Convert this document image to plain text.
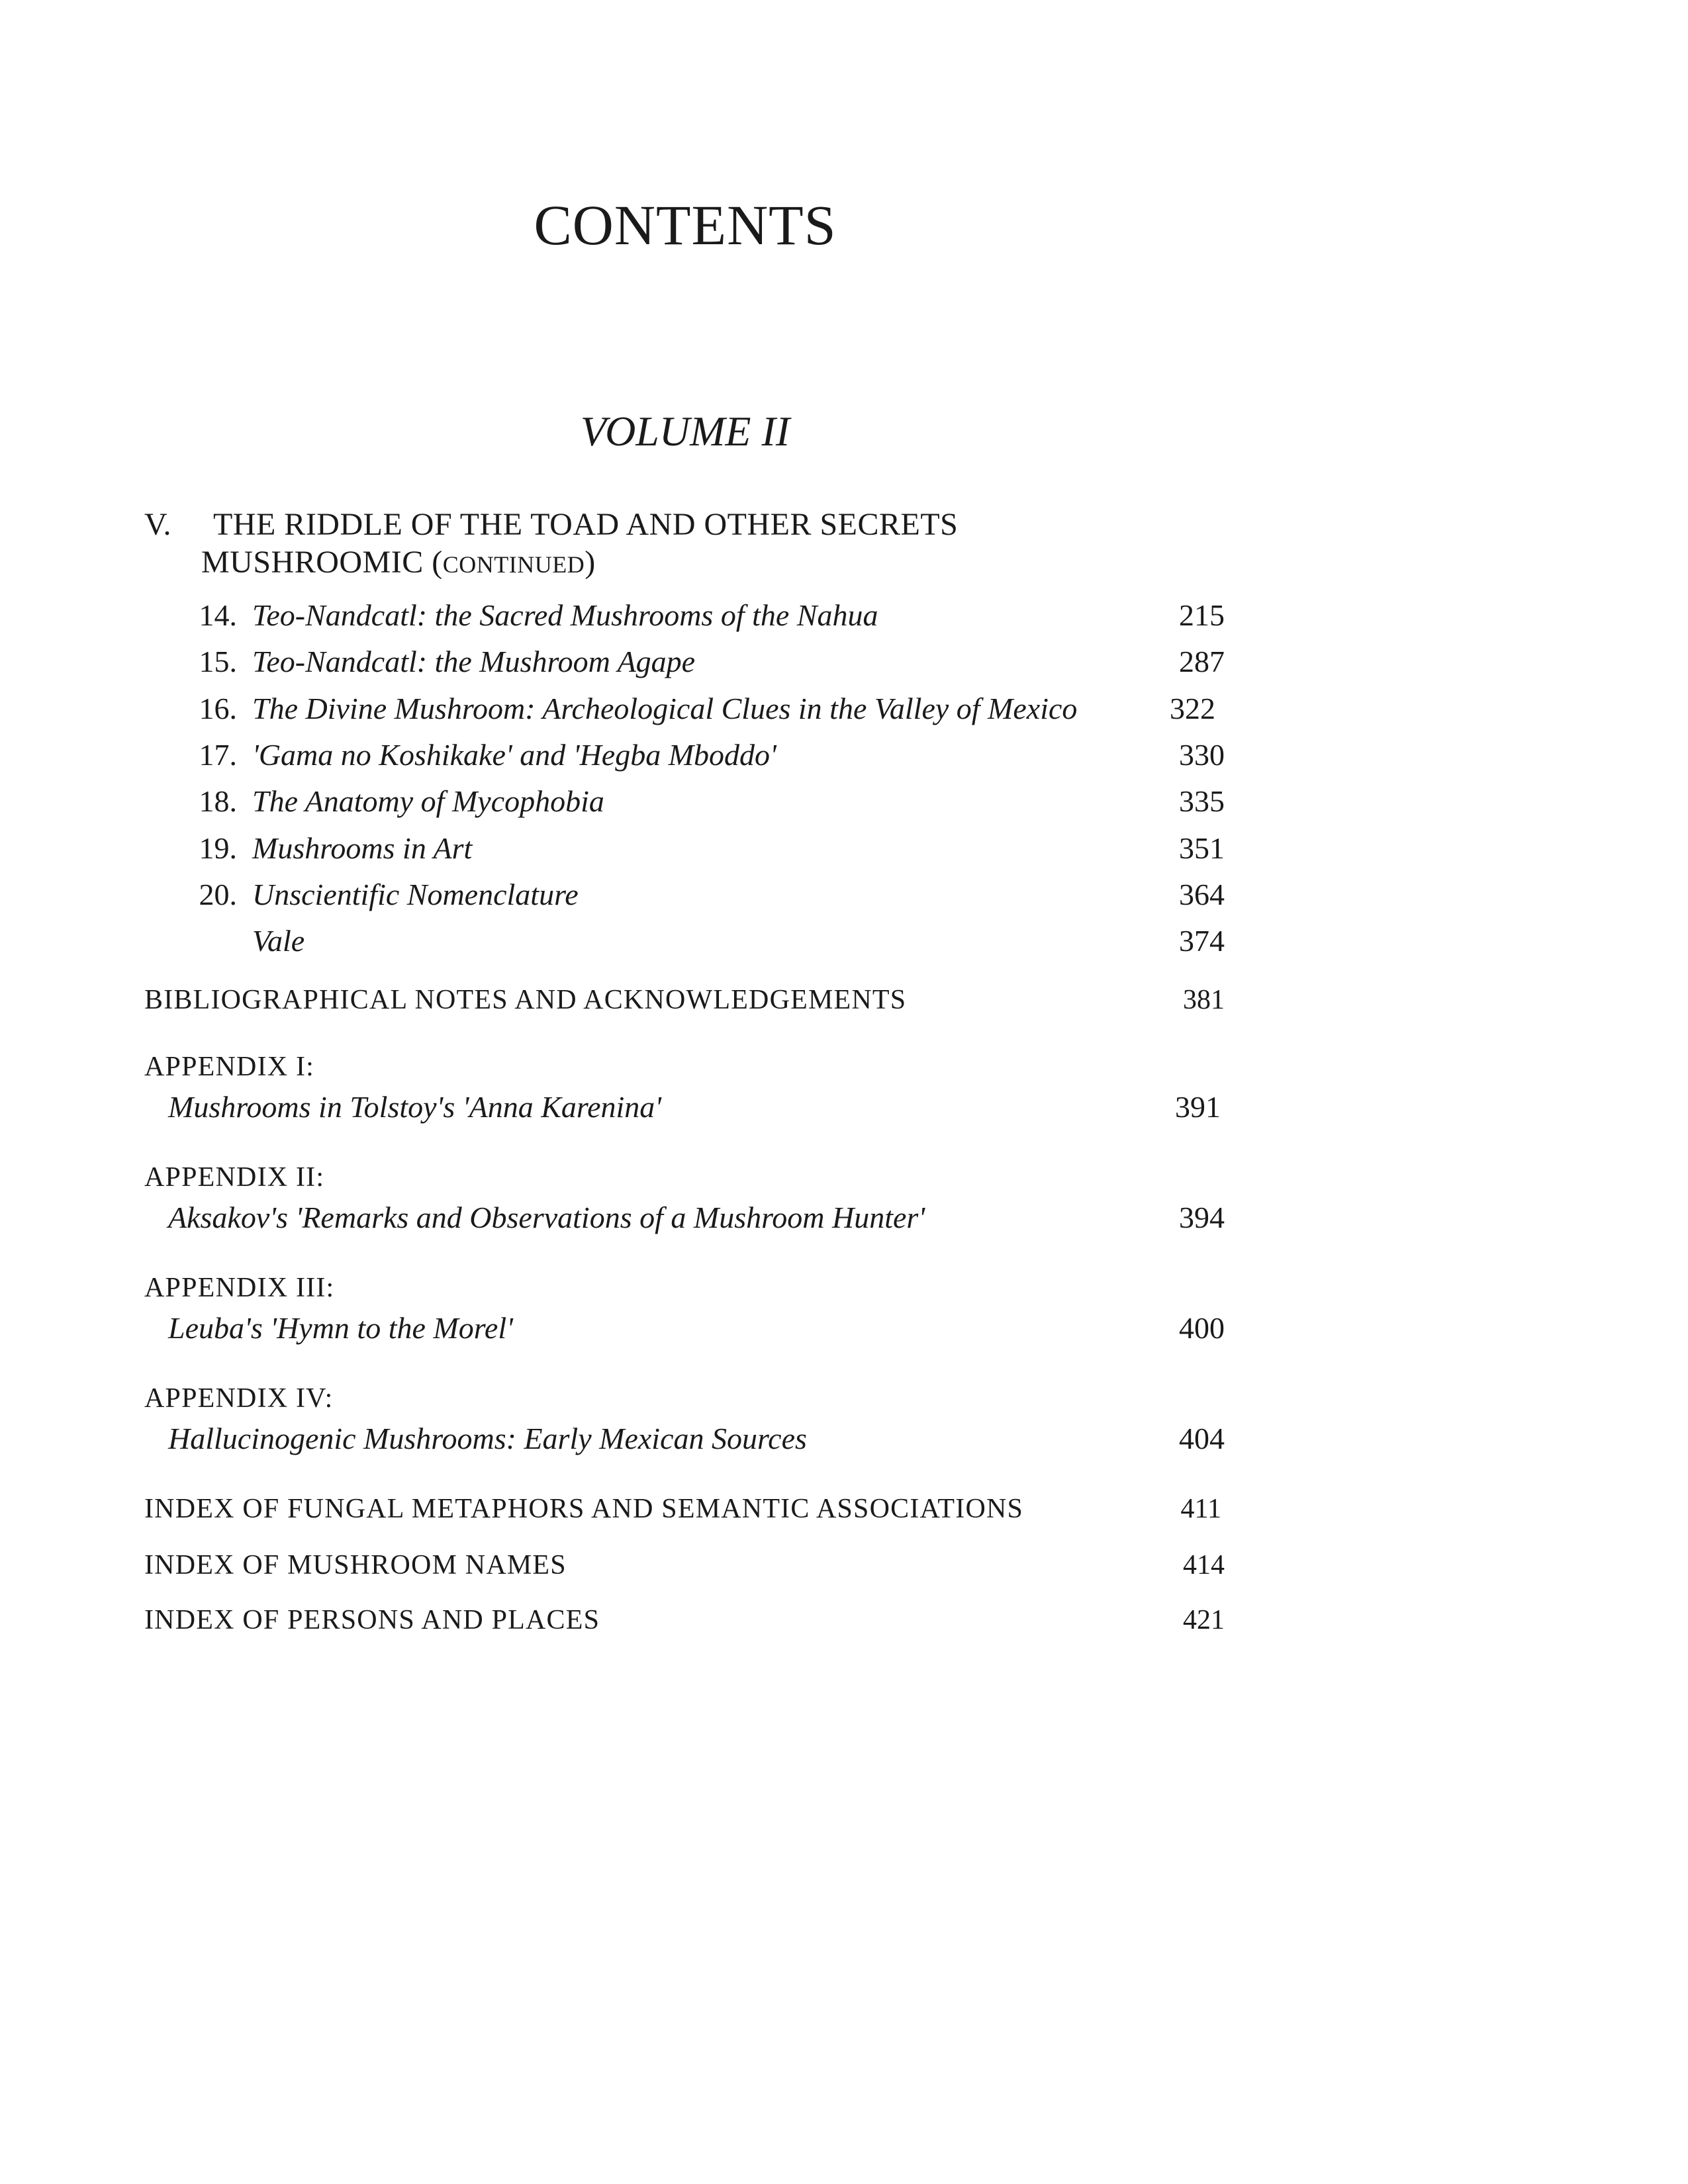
CONTENTS
VOLUME II
V. THE RIDDLE OF THE TOAD AND OTHER SECRETS
MUSHROOMIC (CONTINUED)
14. Teo-Nandcatl: the Sacred Mushrooms of the Nahua	215
15. Teo-Nandcatl: the Mushroom Agape	287
16. The Divine Mushroom: Archeological Clues in the Valley of Mexico	322
17. 'Gama no Koshikake' and 'Hegba Mboddo'	330
18. The Anatomy of Mycophobia	335
19. Mushrooms in Art	351
20. Unscientific Nomenclature	364
Vale	374
BIBLIOGRAPHICAL NOTES AND ACKNOWLEDGEMENTS	381
APPENDIX I:
Mushrooms in Tolstoy's 'Anna Karenina'	391
APPENDIX II:
Aksakov's 'Remarks and Observations of a Mushroom Hunter'	394
APPENDIX III:
Leuba's 'Hymn to the Morel'	400
APPENDIX IV:
Hallucinogenic Mushrooms: Early Mexican Sources	404
INDEX OF FUNGAL METAPHORS AND SEMANTIC ASSOCIATIONS	411
INDEX OF MUSHROOM NAMES	414
INDEX OF PERSONS AND PLACES	421
